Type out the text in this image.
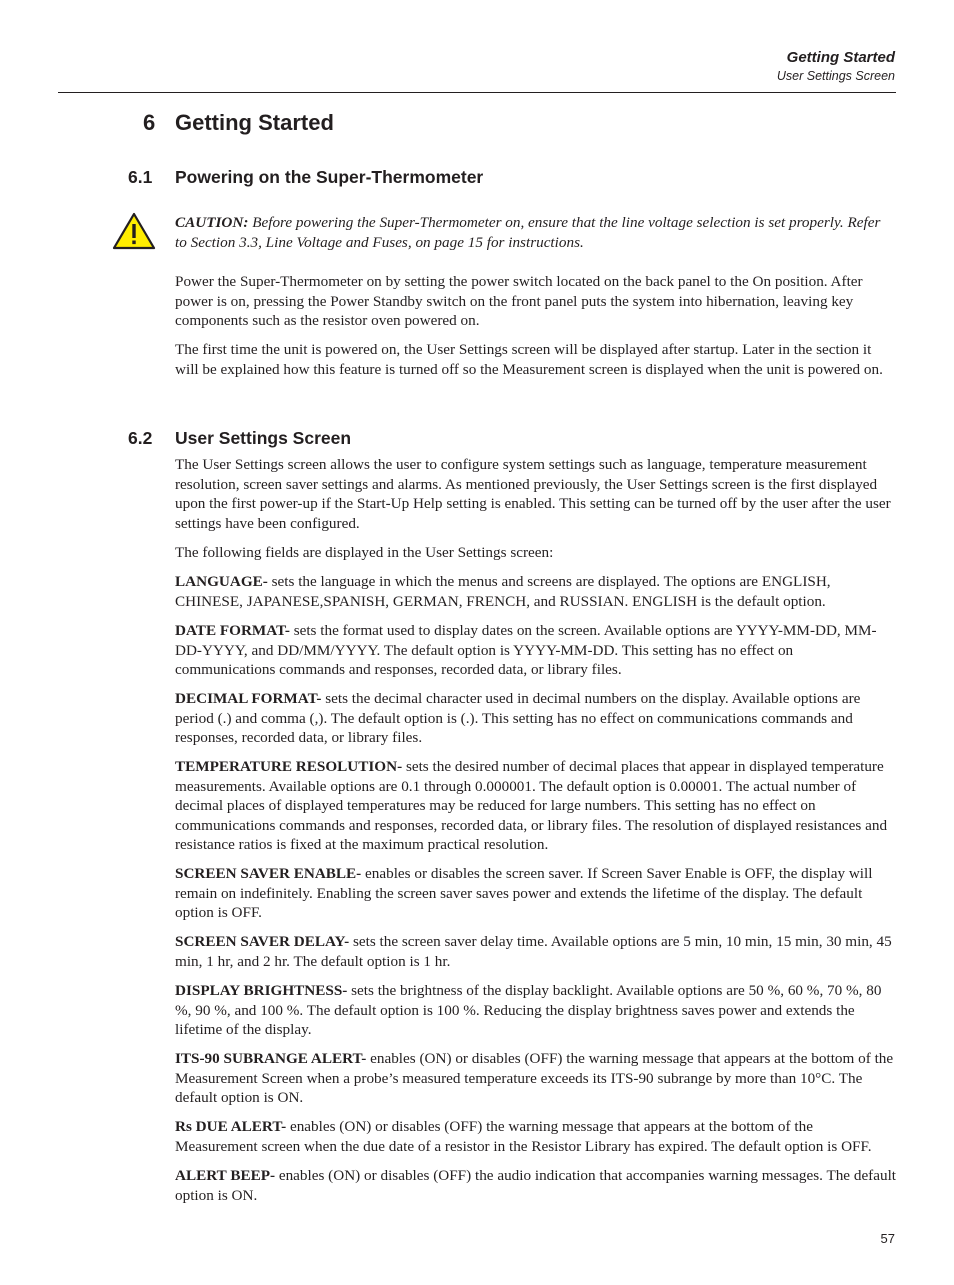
Getting Started
User Settings Screen
6 Getting Started
6.1 Powering on the Super-Thermometer
CAUTION: Before powering the Super-Thermometer on, ensure that the line voltage selection is set properly. Refer to Section 3.3, Line Voltage and Fuses, on page 15 for instructions.
Power the Super-Thermometer on by setting the power switch located on the back panel to the On position. After power is on, pressing the Power Standby switch on the front panel puts the system into hibernation, leaving key components such as the resistor oven powered on.
The first time the unit is powered on, the User Settings screen will be displayed after startup. Later in the section it will be explained how this feature is turned off so the Measurement screen is displayed when the unit is powered on.
6.2 User Settings Screen
The User Settings screen allows the user to configure system settings such as language, temperature measurement resolution, screen saver settings and alarms. As mentioned previously, the User Settings screen is the first displayed upon the first power-up if the Start-Up Help setting is enabled. This setting can be turned off by the user after the user settings have been configured.
The following fields are displayed in the User Settings screen:
LANGUAGE- sets the language in which the menus and screens are displayed. The options are ENGLISH, CHINESE, JAPANESE,SPANISH, GERMAN, FRENCH, and RUSSIAN. ENGLISH is the default option.
DATE FORMAT- sets the format used to display dates on the screen. Available options are YYYY-MM-DD, MM-DD-YYYY, and DD/MM/YYYY. The default option is YYYY-MM-DD. This setting has no effect on communications commands and responses, recorded data, or library files.
DECIMAL FORMAT- sets the decimal character used in decimal numbers on the display. Available options are period (.) and comma (,). The default option is (.). This setting has no effect on communications commands and responses, recorded data, or library files.
TEMPERATURE RESOLUTION- sets the desired number of decimal places that appear in displayed temperature measurements. Available options are 0.1 through 0.000001. The default option is 0.00001. The actual number of decimal places of displayed temperatures may be reduced for large numbers. This setting has no effect on communications commands and responses, recorded data, or library files. The resolution of displayed resistances and resistance ratios is fixed at the maximum practical resolution.
SCREEN SAVER ENABLE- enables or disables the screen saver. If Screen Saver Enable is OFF, the display will remain on indefinitely. Enabling the screen saver saves power and extends the lifetime of the display. The default option is OFF.
SCREEN SAVER DELAY- sets the screen saver delay time. Available options are 5 min, 10 min, 15 min, 30 min, 45 min, 1 hr, and 2 hr. The default option is 1 hr.
DISPLAY BRIGHTNESS- sets the brightness of the display backlight. Available options are 50 %, 60 %, 70 %, 80 %, 90 %, and 100 %. The default option is 100 %. Reducing the display brightness saves power and extends the lifetime of the display.
ITS-90 SUBRANGE ALERT- enables (ON) or disables (OFF) the warning message that appears at the bottom of the Measurement Screen when a probe’s measured temperature exceeds its ITS-90 subrange by more than 10°C. The default option is ON.
Rs DUE ALERT- enables (ON) or disables (OFF) the warning message that appears at the bottom of the Measurement screen when the due date of a resistor in the Resistor Library has expired. The default option is OFF.
ALERT BEEP- enables (ON) or disables (OFF) the audio indication that accompanies warning messages. The default option is ON.
57
